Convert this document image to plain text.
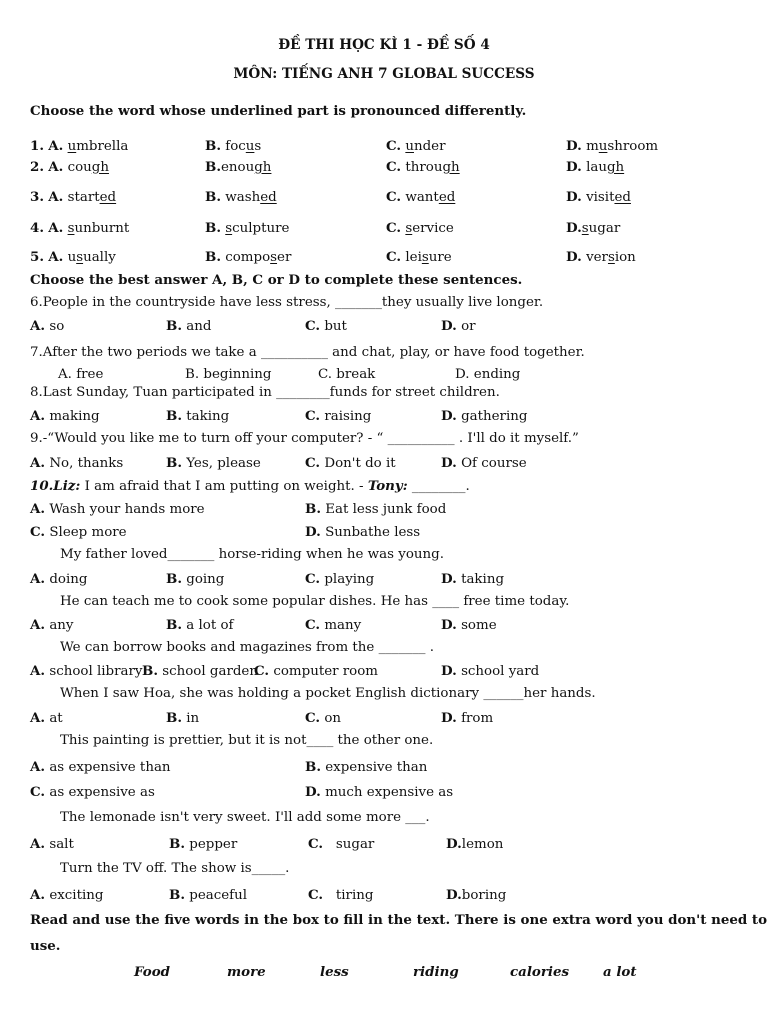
ĐỀ THI HỌC KÌ 1 - ĐỀ SỐ 4
MÔN: TIẾNG ANH 7 GLOBAL SUCCESS
Choose the word whose underlined part is pronounced differently.
1. A. umbrella	B. focus	C. under	D. mushroom
2. A. cough	B.enough	C. through	D. laugh
3. A. started	B. washed	C. wanted	D. visited
4. A. sunburnt	B. sculpture	C. service	D.sugar
5. A. usually	B. composer	C. leisure	D. version
Choose the best answer A, B, C or D to complete these sentences.
6.People in the countryside have less stress, _______they usually live longer.
A. so	B. and	C. but	D. or
7.After the two periods we take a __________ and chat, play, or have food together.
A. free	B. beginning	C. break	D. ending
8.Last Sunday, Tuan participated in ________funds for street children.
A. making	B. taking	C. raising	D. gathering
9.-“Would you like me to turn off your computer? - “ __________ . I'll do it myself.”
A. No, thanks	B. Yes, please	C. Don't do it	D. Of course
10.Liz: I am afraid that I am putting on weight. - Tony: ________.
A. Wash your hands more	B. Eat less junk food
C. Sleep more	D. Sunbathe less
My father loved_______ horse-riding when he was young.
A. doing	B. going	C. playing	D. taking
He can teach me to cook some popular dishes. He has ____ free time today.
A. any	B. a lot of	C. many	D. some
We can borrow books and magazines from the _______ .
A. school library B. school garden
C. computer room	D. school yard
When I saw Hoa, she was holding a pocket English dictionary ______her hands.
A. at	B. in	C. on	D. from
This painting is prettier, but it is not____ the other one.
A. as expensive than	B. expensive than
C. as expensive as	D. much expensive as
The lemonade isn't very sweet. I'll add some more ___.
A. salt	B. pepper	C. sugar	D.lemon
Turn the TV off. The show is_____.
A. exciting	B. peaceful	C. tiring	D.boring
Read and use the five words in the box to fill in the text. There is one extra word you don't need to
use.
Food	more	less	riding	calories	a lot
